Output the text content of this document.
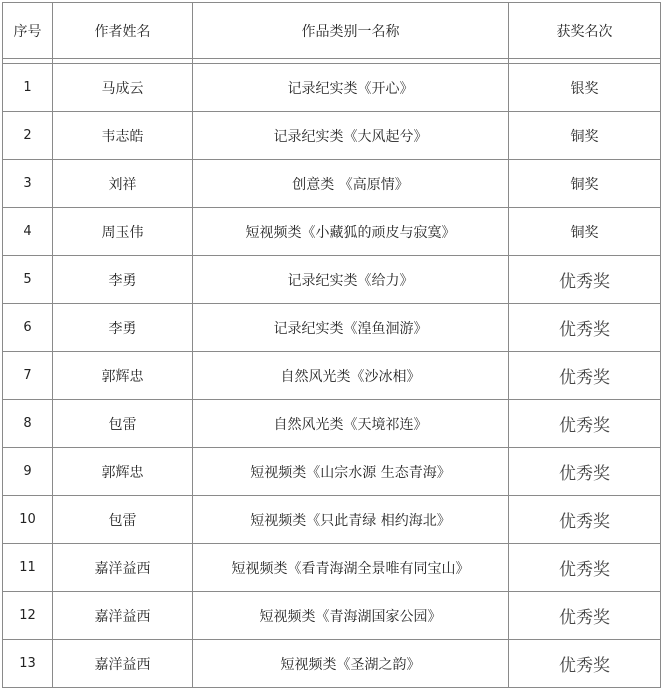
序号	作者姓名	作品类别一名称	获奖名次

1	马成云	记录纪实类《开心》	银奖
2	韦志皓	记录纪实类《大风起兮》	铜奖
3	刘祥	创意类 《高原情》	铜奖
4	周玉伟	短视频类《小藏狐的顽皮与寂寞》	铜奖
5	李勇	记录纪实类《给力》	优秀奖
6	李勇	记录纪实类《湟鱼洄游》	优秀奖
7	郭辉忠	自然风光类《沙冰相》	优秀奖
8	包雷	自然风光类《天境祁连》	优秀奖
9	郭辉忠	短视频类《山宗水源 生态青海》	优秀奖
10	包雷	短视频类《只此青绿 相约海北》	优秀奖
11	嘉洋益西	短视频类《看青海湖全景唯有同宝山》	优秀奖
12	嘉洋益西	短视频类《青海湖国家公园》	优秀奖
13	嘉洋益西	短视频类《圣湖之韵》	优秀奖
